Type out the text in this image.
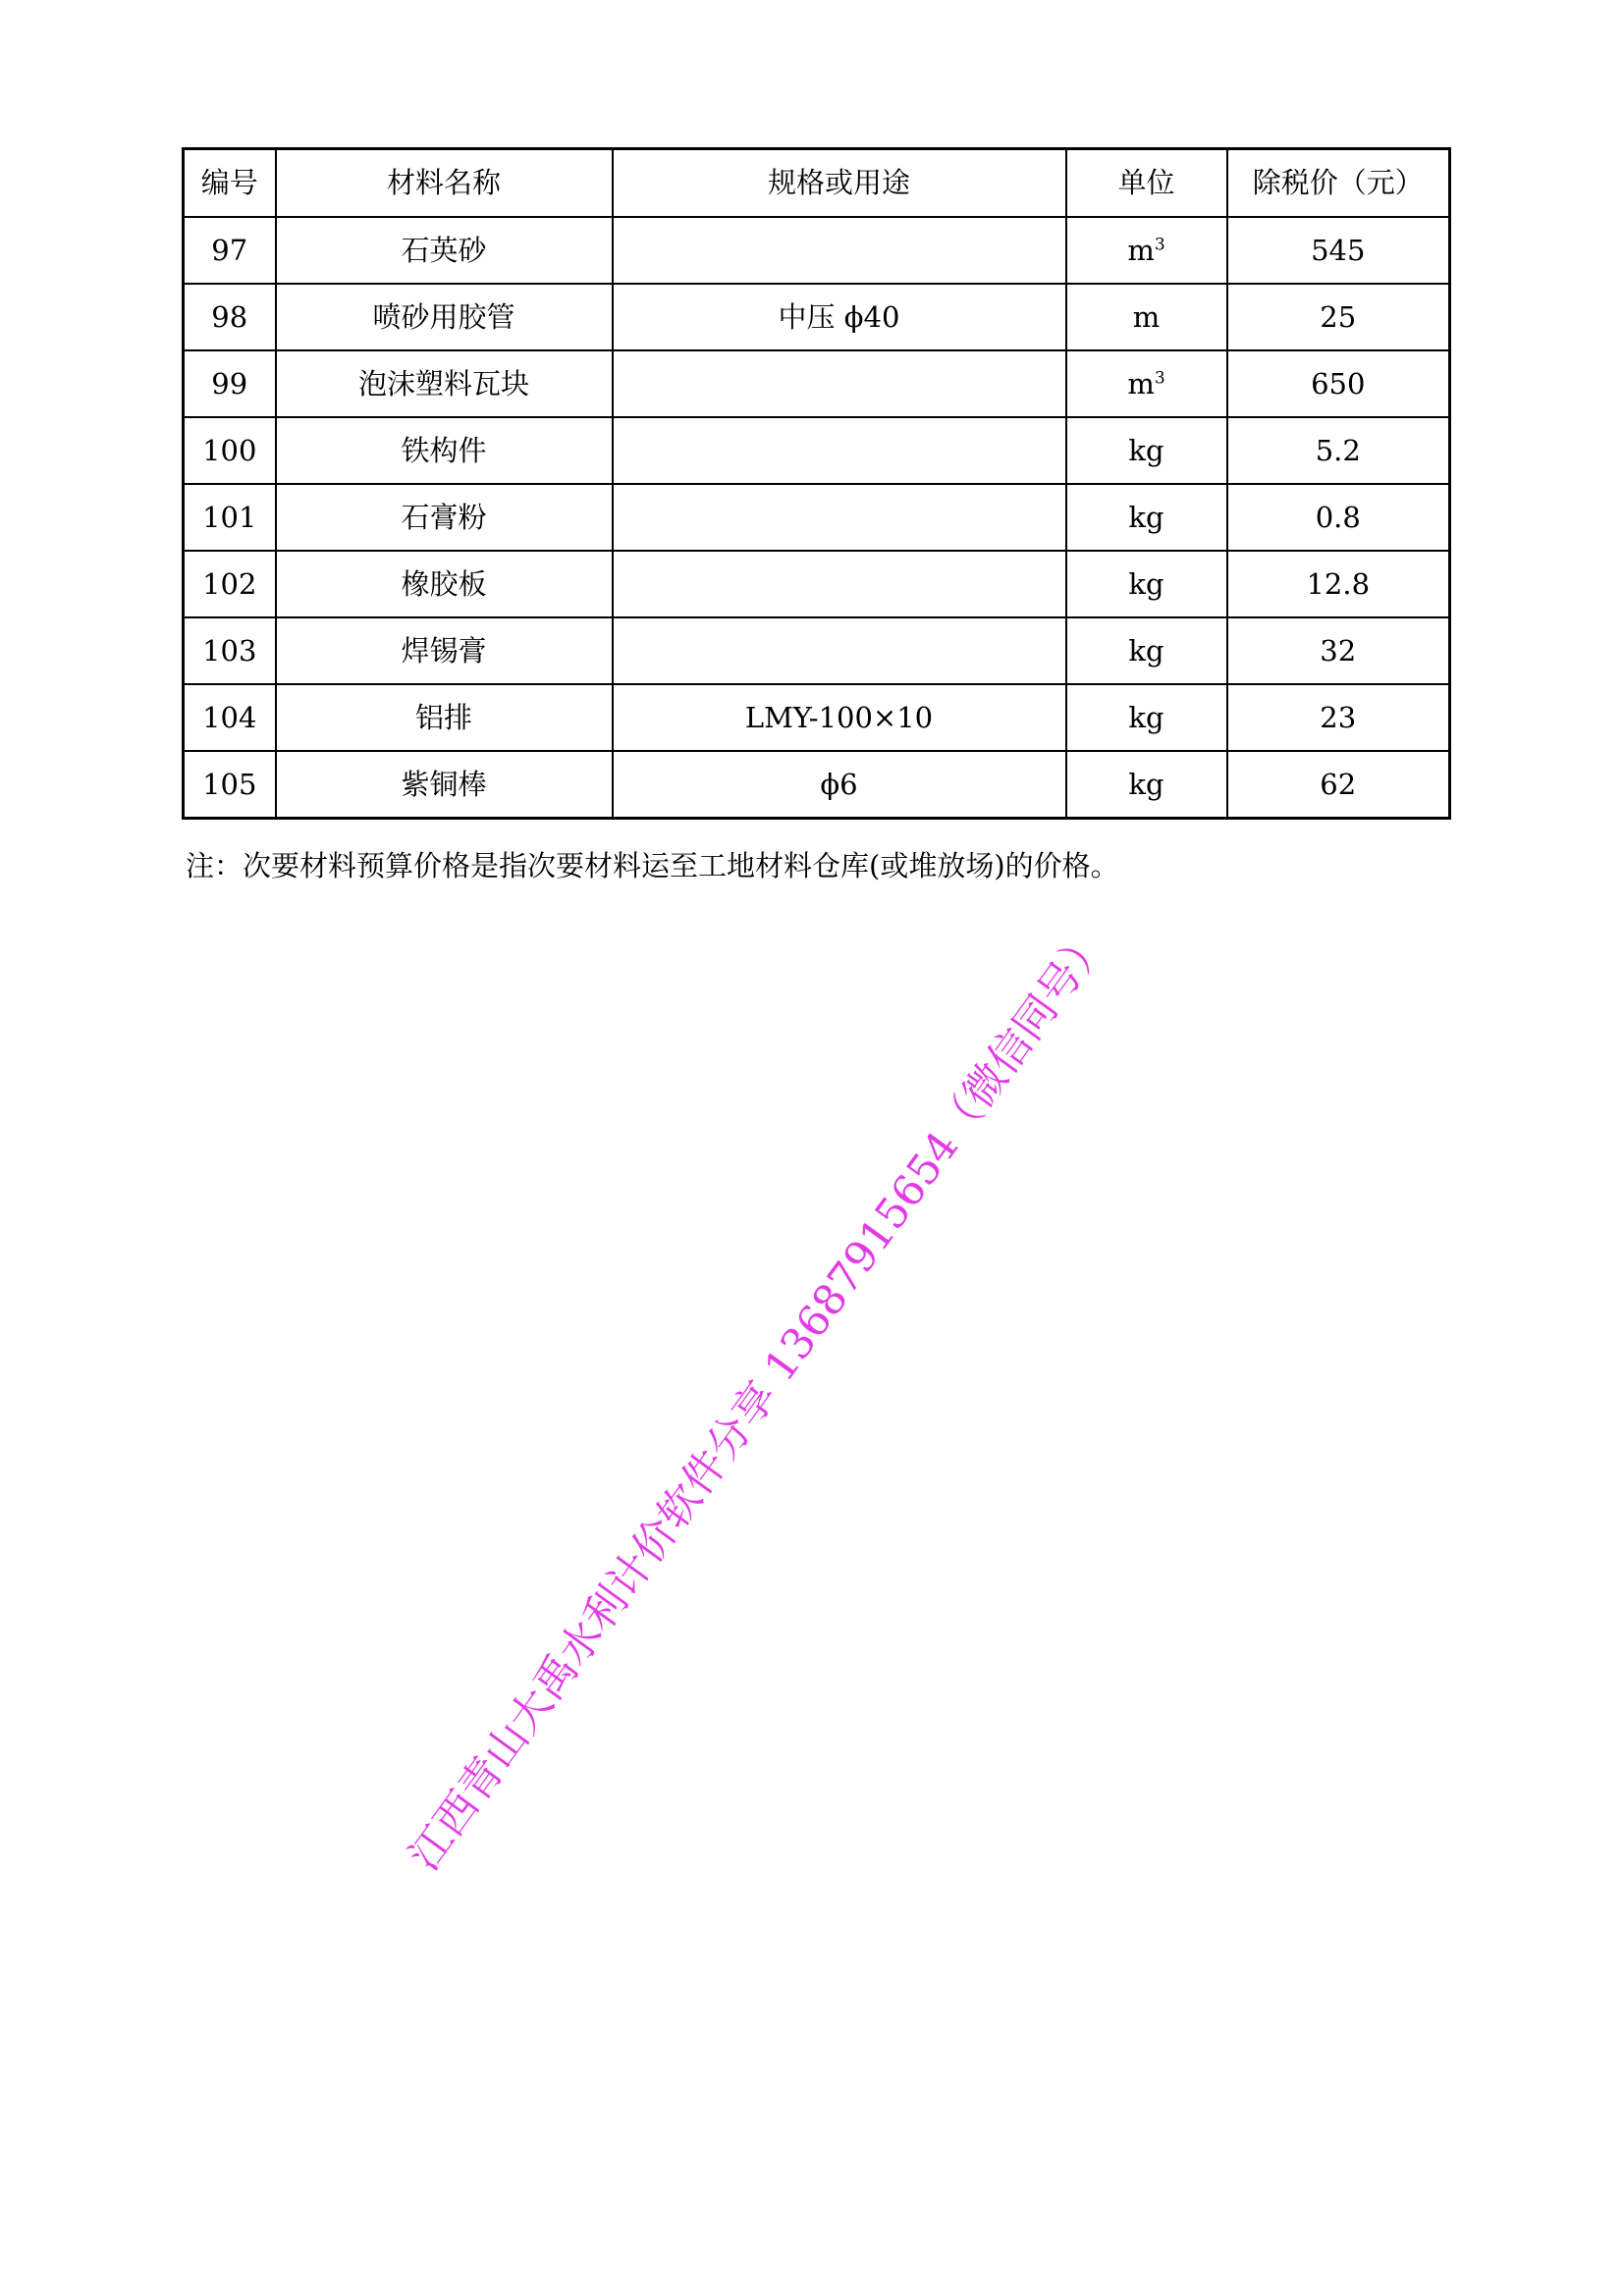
编号	材料名称	规格或用途	单位	除税价（元）
97	石英砂		$m^3$	545
98	喷砂用胶管	中压 ϕ40	m	25
99	泡沫塑料瓦块		$m^3$	650
100	铁构件		kg	5.2
101	石膏粉		kg	0.8
102	橡胶板		kg	12.8
103	焊锡膏		kg	32
104	铝排	LMY-100×10	kg	23
105	紫铜棒	ϕ6	kg	62
注：次要材料预算价格是指次要材料运至工地材料仓库(或堆放场)的价格。
江西青山大禹水利计价软件分享 13687915654（微信同号）
